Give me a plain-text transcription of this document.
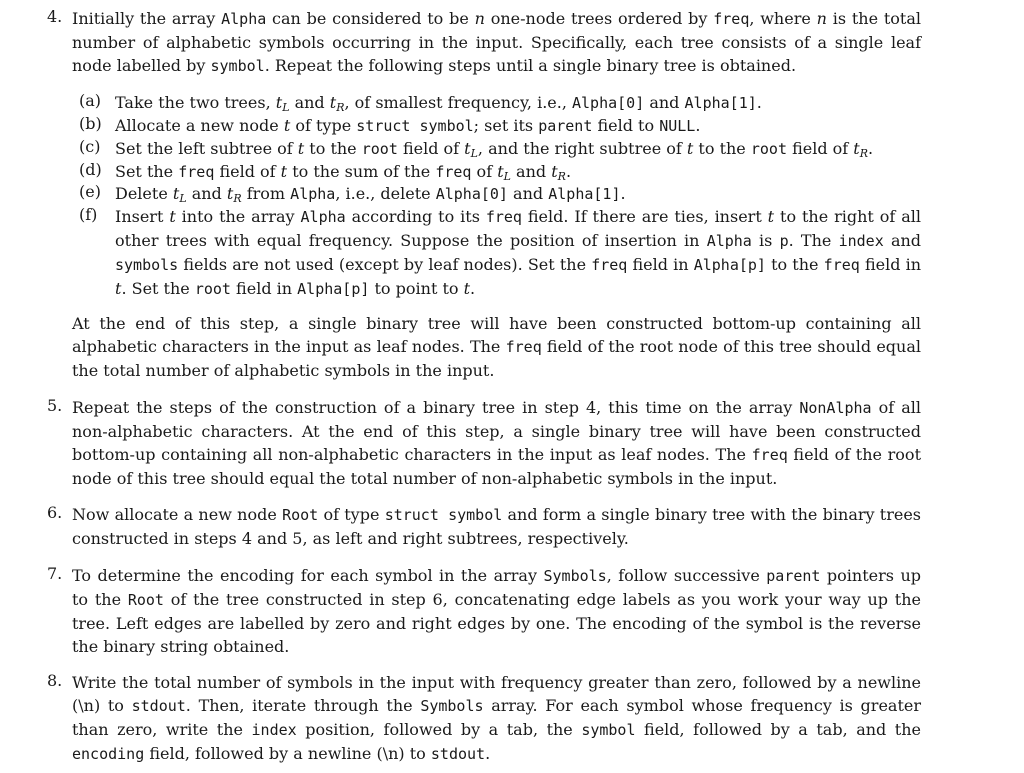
4. Initially the array Alpha can be considered to be n one-node trees ordered by freq, where n is the total number of alphabetic symbols occurring in the input. Specifically, each tree consists of a single leaf node labelled by symbol. Repeat the following steps until a single binary tree is obtained.
(a) Take the two trees, $t_L$ and $t_R$, of smallest frequency, i.e., Alpha[0] and Alpha[1].
(b) Allocate a new node t of type struct symbol; set its parent field to NULL.
(c) Set the left subtree of t to the root field of $t_L$, and the right subtree of t to the root field of $t_R$.
(d) Set the freq field of t to the sum of the freq of $t_L$ and $t_R$.
(e) Delete $t_L$ and $t_R$ from Alpha, i.e., delete Alpha[0] and Alpha[1].
(f) Insert t into the array Alpha according to its freq field. If there are ties, insert t to the right of all other trees with equal frequency. Suppose the position of insertion in Alpha is p. The index and symbols fields are not used (except by leaf nodes). Set the freq field in Alpha[p] to the freq field in t. Set the root field in Alpha[p] to point to t.
At the end of this step, a single binary tree will have been constructed bottom-up containing all alphabetic characters in the input as leaf nodes. The freq field of the root node of this tree should equal the total number of alphabetic symbols in the input.
5. Repeat the steps of the construction of a binary tree in step 4, this time on the array NonAlpha of all non-alphabetic characters. At the end of this step, a single binary tree will have been constructed bottom-up containing all non-alphabetic characters in the input as leaf nodes. The freq field of the root node of this tree should equal the total number of non-alphabetic symbols in the input.
6. Now allocate a new node Root of type struct symbol and form a single binary tree with the binary trees constructed in steps 4 and 5, as left and right subtrees, respectively.
7. To determine the encoding for each symbol in the array Symbols, follow successive parent pointers up to the Root of the tree constructed in step 6, concatenating edge labels as you work your way up the tree. Left edges are labelled by zero and right edges by one. The encoding of the symbol is the reverse the binary string obtained.
8. Write the total number of symbols in the input with frequency greater than zero, followed by a newline (\n) to stdout. Then, iterate through the Symbols array. For each symbol whose frequency is greater than zero, write the index position, followed by a tab, the symbol field, followed by a tab, and the encoding field, followed by a newline (\n) to stdout.
